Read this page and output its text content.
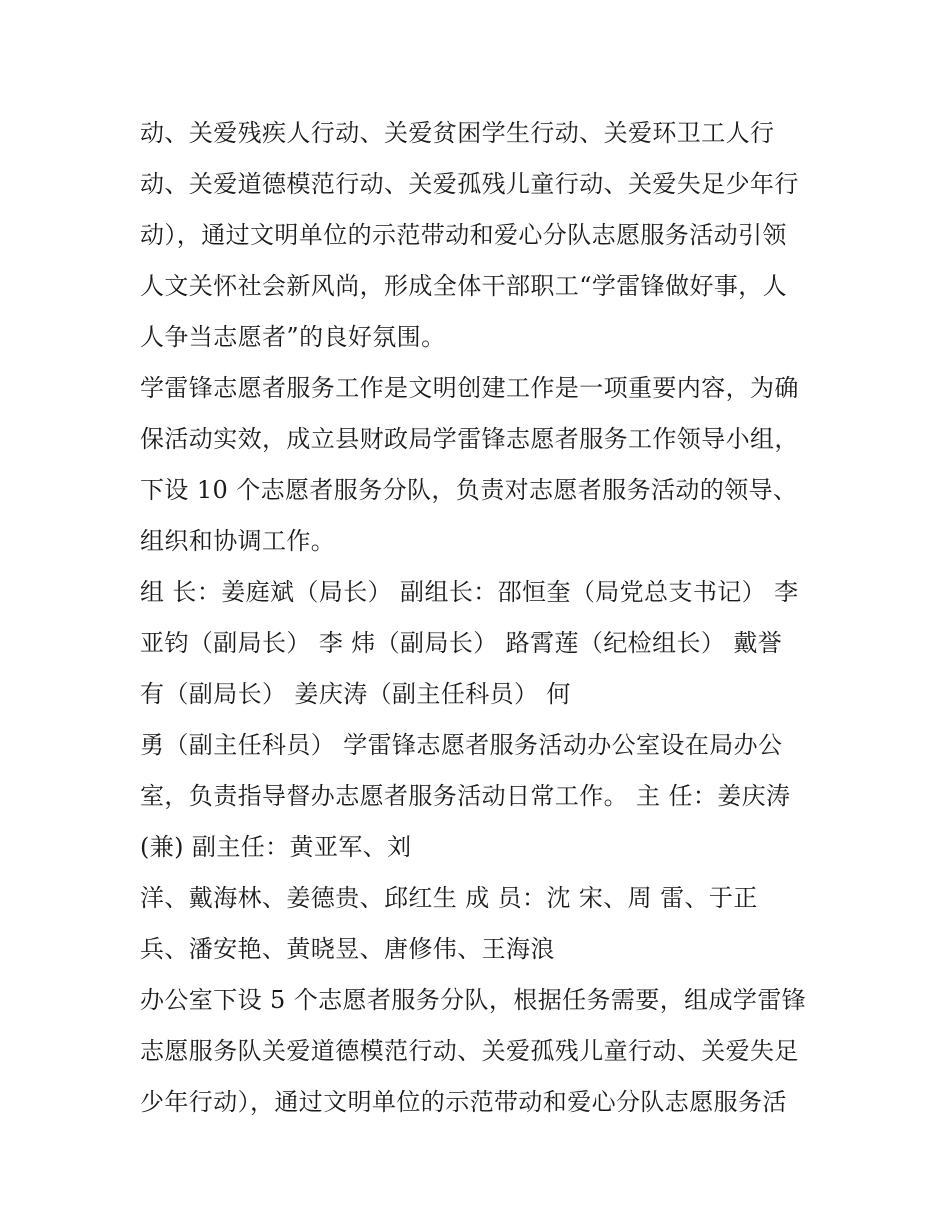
动、关爱残疾人行动、关爱贫困学生行动、关爱环卫工人行
动、关爱道德模范行动、关爱孤残儿童行动、关爱失足少年行
动），通过文明单位的示范带动和爱心分队志愿服务活动引领
人文关怀社会新风尚，形成全体干部职工“学雷锋做好事，人
人争当志愿者”的良好氛围。
学雷锋志愿者服务工作是文明创建工作是一项重要内容，为确
保活动实效，成立县财政局学雷锋志愿者服务工作领导小组，
下设 10 个志愿者服务分队，负责对志愿者服务活动的领导、
组织和协调工作。
组 长：姜庭斌（局长） 副组长：邵恒奎（局党总支书记） 李
亚钧（副局长） 李 炜（副局长） 路霄莲（纪检组长） 戴誉
有（副局长） 姜庆涛（副主任科员） 何
勇（副主任科员） 学雷锋志愿者服务活动办公室设在局办公
室，负责指导督办志愿者服务活动日常工作。 主 任：姜庆涛
(兼) 副主任：黄亚军、刘
洋、戴海林、姜德贵、邱红生 成 员：沈 宋、周 雷、于正
兵、潘安艳、黄晓昱、唐修伟、王海浪
办公室下设 5 个志愿者服务分队，根据任务需要，组成学雷锋
志愿服务队关爱道德模范行动、关爱孤残儿童行动、关爱失足
少年行动），通过文明单位的示范带动和爱心分队志愿服务活
